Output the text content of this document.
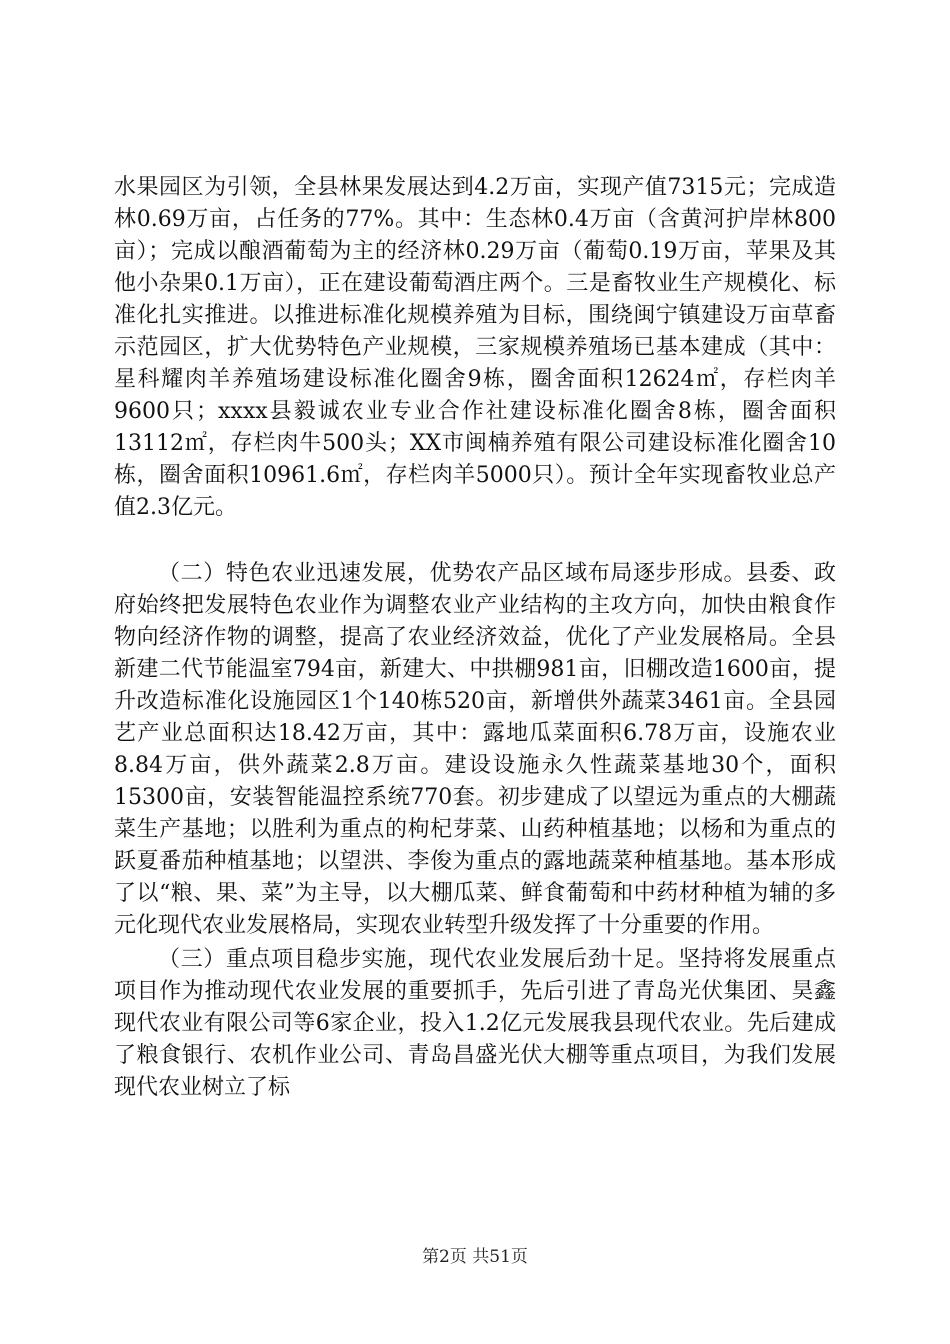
水果园区为引领，全县林果发展达到4.2万亩，实现产值7315元；完成造林0.69万亩，占任务的77%。其中：生态林0.4万亩（含黄河护岸林800亩）；完成以酿酒葡萄为主的经济林0.29万亩（葡萄0.19万亩，苹果及其他小杂果0.1万亩），正在建设葡萄酒庄两个。三是畜牧业生产规模化、标准化扎实推进。以推进标准化规模养殖为目标，围绕闽宁镇建设万亩草畜示范园区，扩大优势特色产业规模，三家规模养殖场已基本建成（其中：星科耀肉羊养殖场建设标准化圈舍9栋，圈舍面积12624㎡，存栏肉羊9600只；xxxx县毅诚农业专业合作社建设标准化圈舍8栋，圈舍面积13112㎡，存栏肉牛500头；XX市闽楠养殖有限公司建设标准化圈舍10栋，圈舍面积10961.6㎡，存栏肉羊5000只）。预计全年实现畜牧业总产值2.3亿元。

（二）特色农业迅速发展，优势农产品区域布局逐步形成。县委、政府始终把发展特色农业作为调整农业产业结构的主攻方向，加快由粮食作物向经济作物的调整，提高了农业经济效益，优化了产业发展格局。全县新建二代节能温室794亩，新建大、中拱棚981亩，旧棚改造1600亩，提升改造标准化设施园区1个140栋520亩，新增供外蔬菜3461亩。全县园艺产业总面积达18.42万亩，其中：露地瓜菜面积6.78万亩，设施农业8.84万亩，供外蔬菜2.8万亩。建设设施永久性蔬菜基地30个，面积15300亩，安装智能温控系统770套。初步建成了以望远为重点的大棚蔬菜生产基地；以胜利为重点的枸杞芽菜、山药种植基地；以杨和为重点的跃夏番茄种植基地；以望洪、李俊为重点的露地蔬菜种植基地。基本形成了以“粮、果、菜”为主导，以大棚瓜菜、鲜食葡萄和中药材种植为辅的多元化现代农业发展格局，实现农业转型升级发挥了十分重要的作用。

（三）重点项目稳步实施，现代农业发展后劲十足。坚持将发展重点项目作为推动现代农业发展的重要抓手，先后引进了青岛光伏集团、昊鑫现代农业有限公司等6家企业，投入1.2亿元发展我县现代农业。先后建成了粮食银行、农机作业公司、青岛昌盛光伏大棚等重点项目，为我们发展现代农业树立了标

第2页 共51页
